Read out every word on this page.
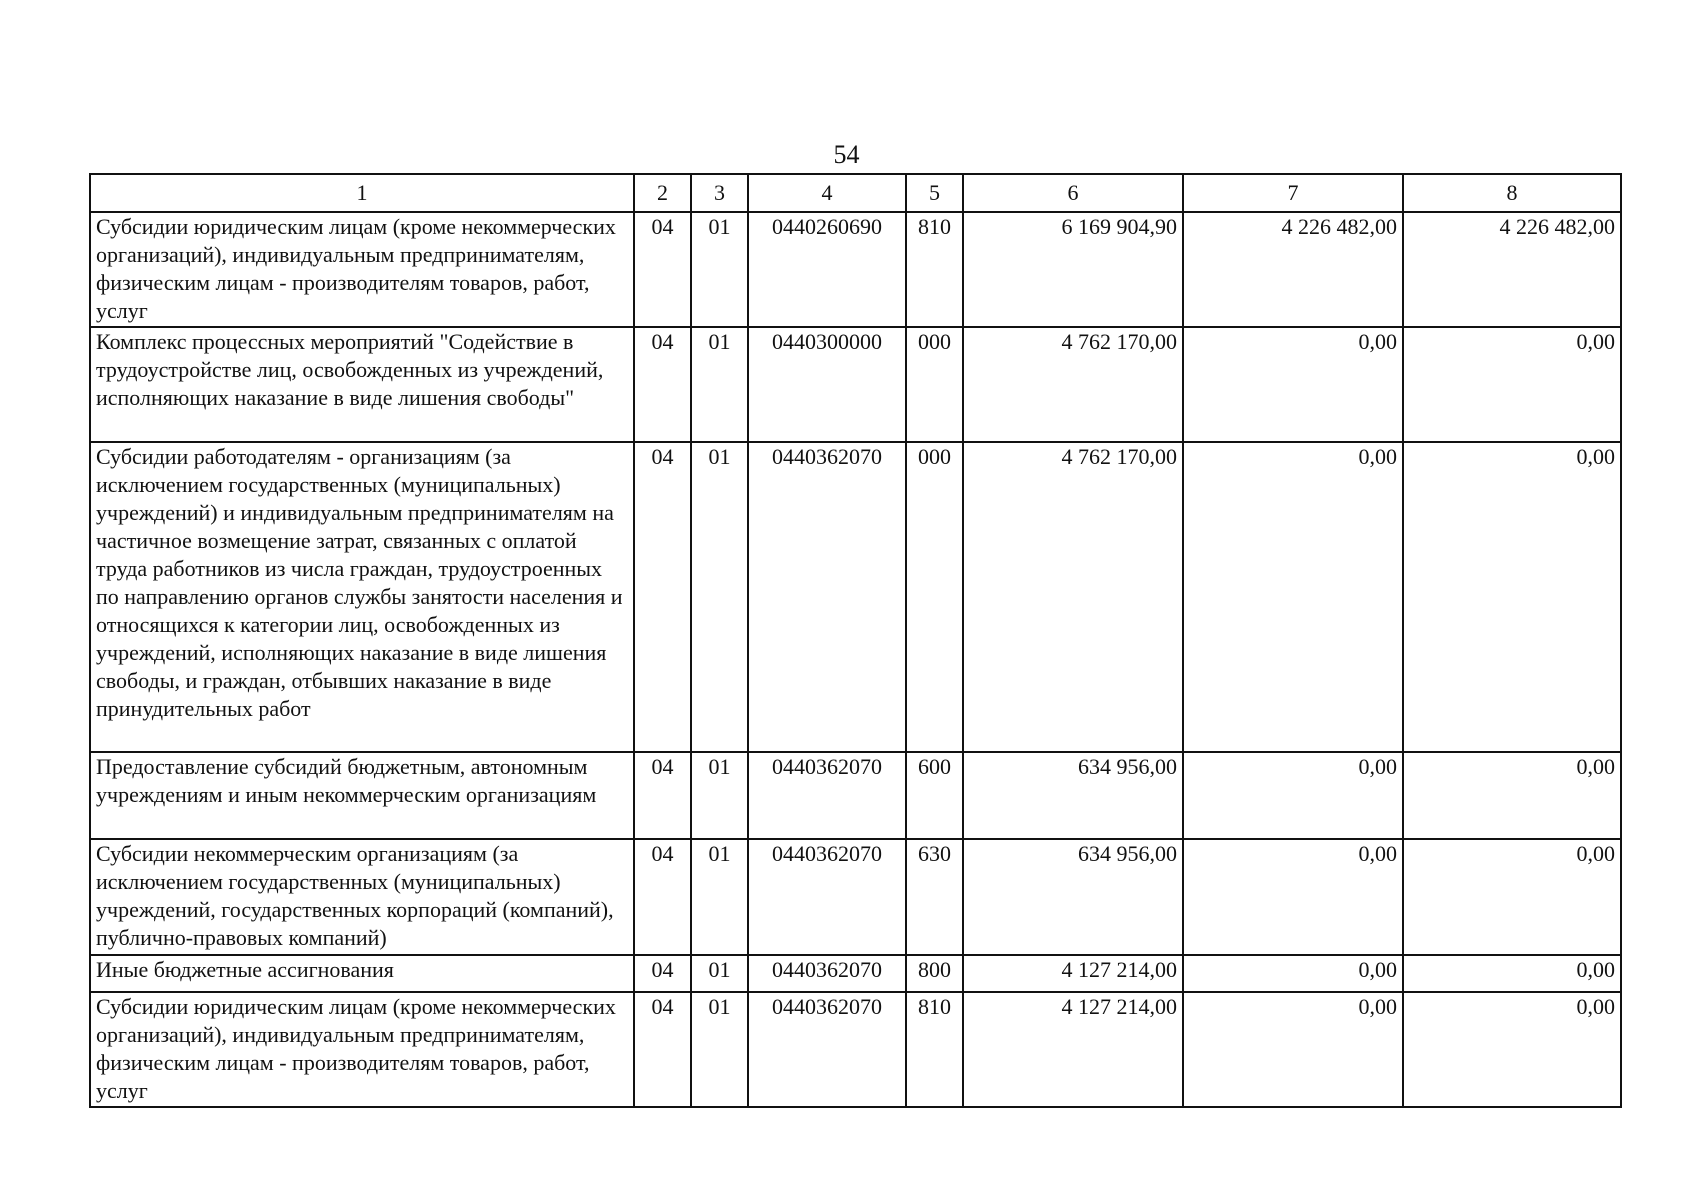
54
1	2	3	4	5	6	7	8
Субсидии юридическим лицам (кроме некоммерческих организаций), индивидуальным предпринимателям, физическим лицам - производителям товаров, работ, услуг	04	01	0440260690	810	6 169 904,90	4 226 482,00	4 226 482,00
Комплекс процессных мероприятий "Содействие в трудоустройстве лиц, освобожденных из учреждений, исполняющих наказание в виде лишения свободы"	04	01	0440300000	000	4 762 170,00	0,00	0,00
Субсидии работодателям - организациям (за исключением государственных (муниципальных) учреждений) и индивидуальным предпринимателям на частичное возмещение затрат, связанных с оплатой труда работников из числа граждан, трудоустроенных по направлению органов службы занятости населения и относящихся к категории лиц, освобожденных из учреждений, исполняющих наказание в виде лишения свободы, и граждан, отбывших наказание в виде принудительных работ	04	01	0440362070	000	4 762 170,00	0,00	0,00
Предоставление субсидий бюджетным, автономным учреждениям и иным некоммерческим организациям	04	01	0440362070	600	634 956,00	0,00	0,00
Субсидии некоммерческим организациям (за исключением государственных (муниципальных) учреждений, государственных корпораций (компаний), публично-правовых компаний)	04	01	0440362070	630	634 956,00	0,00	0,00
Иные бюджетные ассигнования	04	01	0440362070	800	4 127 214,00	0,00	0,00
Субсидии юридическим лицам (кроме некоммерческих организаций), индивидуальным предпринимателям, физическим лицам - производителям товаров, работ, услуг	04	01	0440362070	810	4 127 214,00	0,00	0,00
